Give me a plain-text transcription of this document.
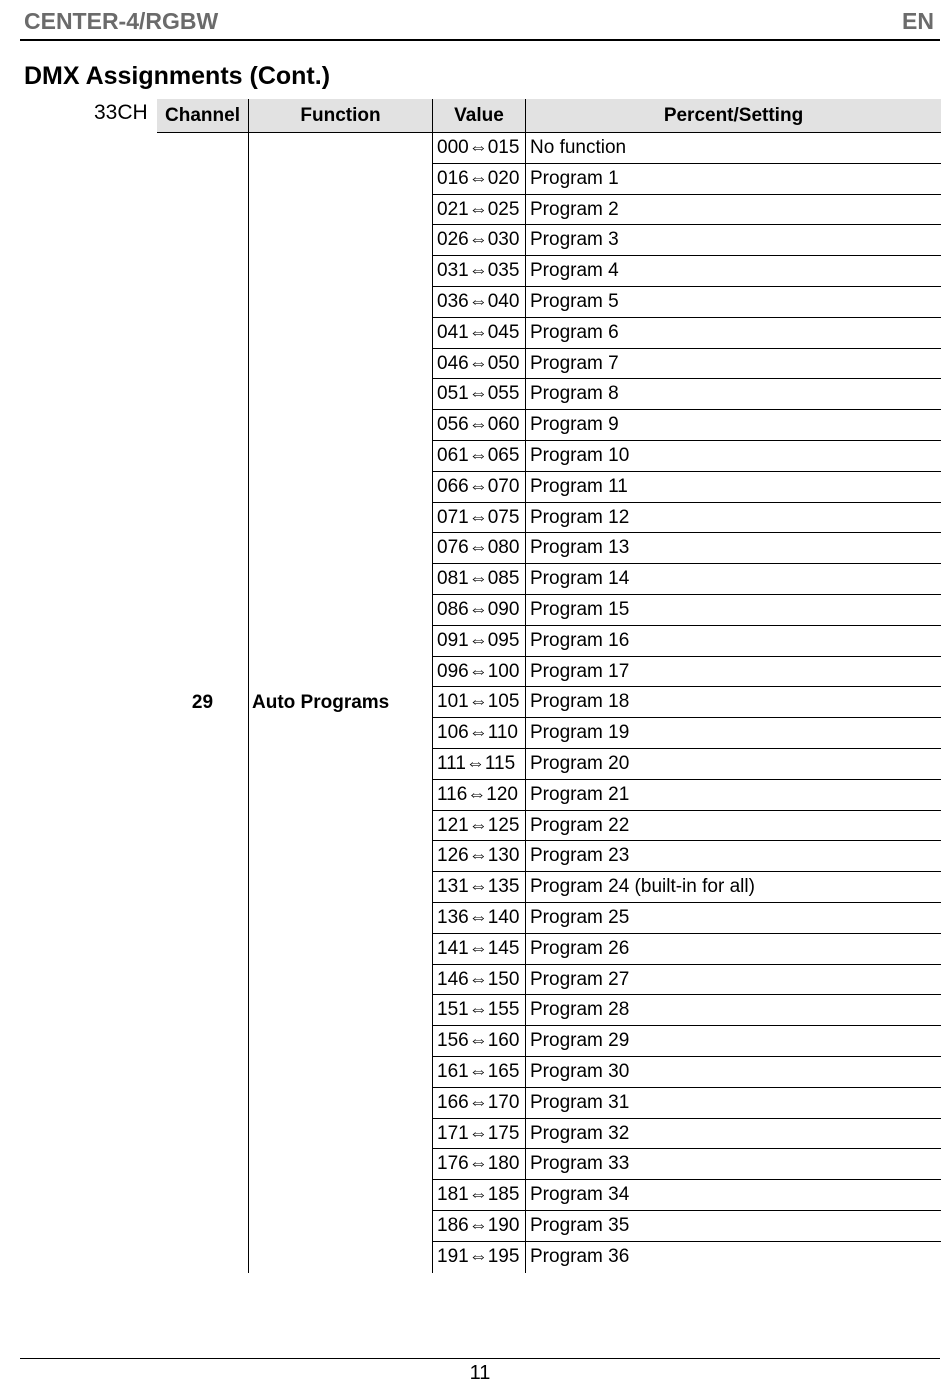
CENTER-4/RGBW	EN
DMX Assignments (Cont.)
33CH Channel	Function	Value	Percent/Setting
29	Auto Programs
000⇔015 No function
016⇔020 Program 1
021⇔025 Program 2
026⇔030 Program 3
031⇔035 Program 4
036⇔040 Program 5
041⇔045 Program 6
046⇔050 Program 7
051⇔055 Program 8
056⇔060 Program 9
061⇔065 Program 10
066⇔070 Program 11
071⇔075 Program 12
076⇔080 Program 13
081⇔085 Program 14
086⇔090 Program 15
091⇔095 Program 16
096⇔100 Program 17
101⇔105 Program 18
106⇔110 Program 19
111⇔115 Program 20
116⇔120 Program 21
121⇔125 Program 22
126⇔130 Program 23
131⇔135 Program 24 (built-in for all)
136⇔140 Program 25
141⇔145 Program 26
146⇔150 Program 27
151⇔155 Program 28
156⇔160 Program 29
161⇔165 Program 30
166⇔170 Program 31
171⇔175 Program 32
176⇔180 Program 33
181⇔185 Program 34
186⇔190 Program 35
191⇔195 Program 36
11
